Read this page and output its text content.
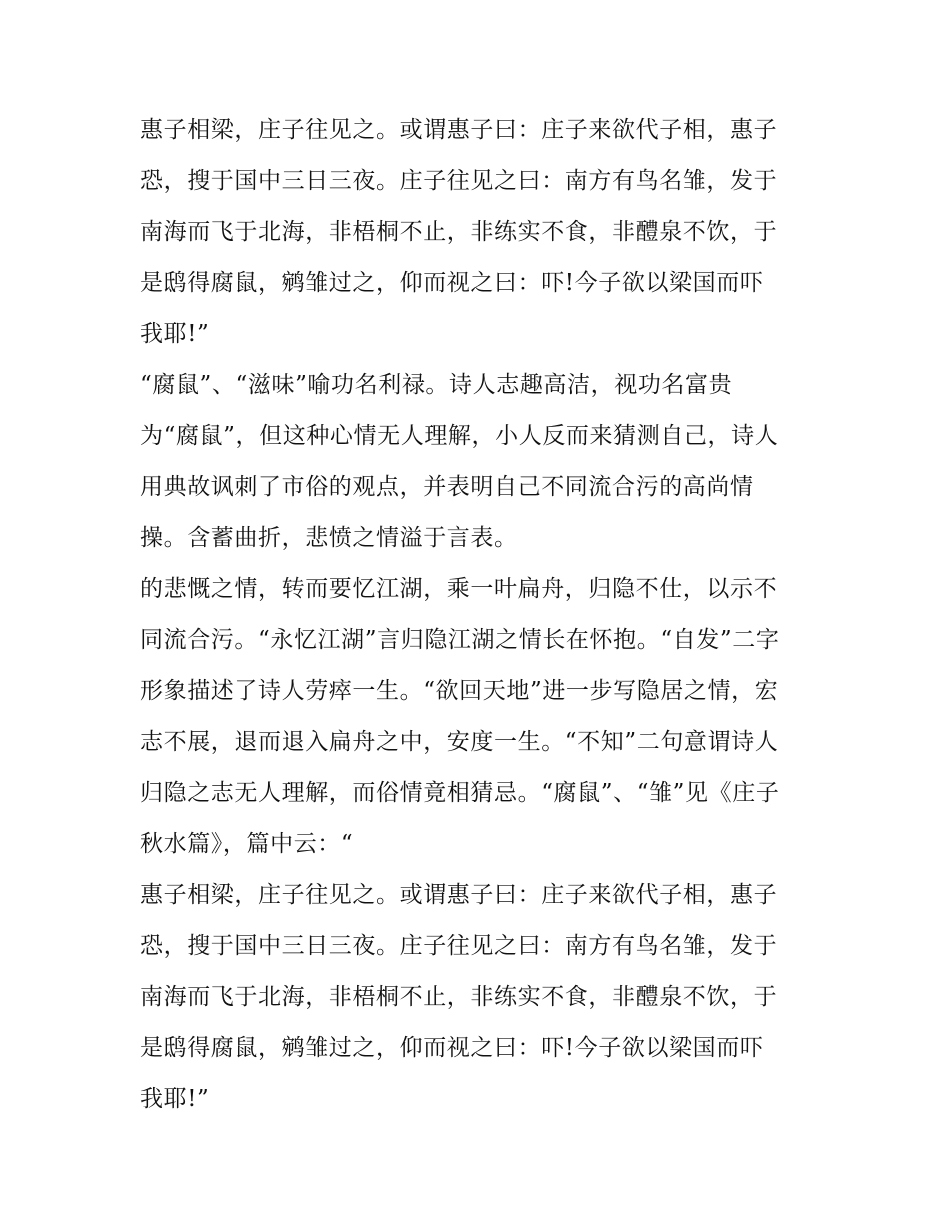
惠子相梁，庄子往见之。或谓惠子曰：庄子来欲代子相，惠子
恐，搜于国中三日三夜。庄子往见之曰：南方有鸟名雏，发于
南海而飞于北海，非梧桐不止，非练实不食，非醴泉不饮，于
是鸱得腐鼠，鹓雏过之，仰而视之曰：吓!今子欲以梁国而吓
我耶!”
“腐鼠”、“滋味”喻功名利禄。诗人志趣高洁，视功名富贵
为“腐鼠”，但这种心情无人理解，小人反而来猜测自己，诗人
用典故讽刺了市俗的观点，并表明自己不同流合污的高尚情
操。含蓄曲折，悲愤之情溢于言表。
的悲慨之情，转而要忆江湖，乘一叶扁舟，归隐不仕，以示不
同流合污。“永忆江湖”言归隐江湖之情长在怀抱。“自发”二字
形象描述了诗人劳瘁一生。“欲回天地”进一步写隐居之情，宏
志不展，退而退入扁舟之中，安度一生。“不知”二句意谓诗人
归隐之志无人理解，而俗情竟相猜忌。“腐鼠”、“雏”见《庄子
秋水篇》，篇中云：“
惠子相梁，庄子往见之。或谓惠子曰：庄子来欲代子相，惠子
恐，搜于国中三日三夜。庄子往见之曰：南方有鸟名雏，发于
南海而飞于北海，非梧桐不止，非练实不食，非醴泉不饮，于
是鸱得腐鼠，鹓雏过之，仰而视之曰：吓!今子欲以梁国而吓
我耶!”
